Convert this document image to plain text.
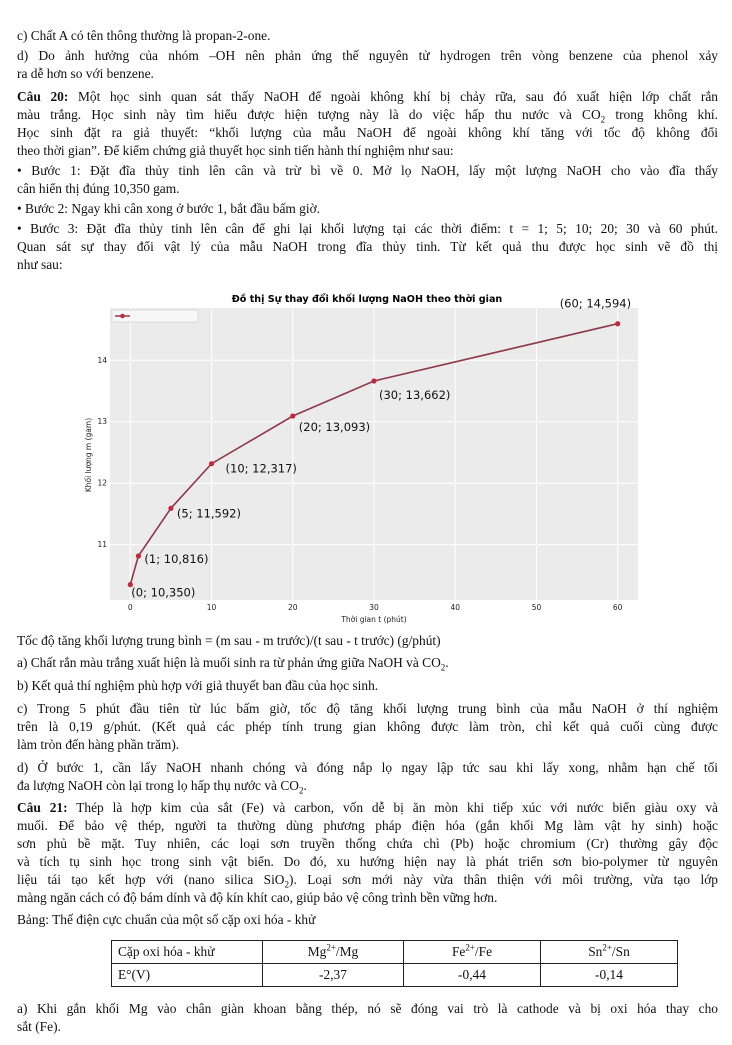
c) Chất A có tên thông thường là propan-2-one.
d) Do ảnh hưởng của nhóm –OH nên phản ứng thế nguyên tử hydrogen trên vòng benzene của phenol xảy
ra dễ hơn so với benzene.
Câu 20: Một học sinh quan sát thấy NaOH để ngoài không khí bị chảy rữa, sau đó xuất hiện lớp chất rắn
màu trắng. Học sinh này tìm hiểu được hiện tượng này là do việc hấp thu nước và $CO_2$ trong không khí.
Học sinh đặt ra giả thuyết: “khối lượng của mẫu NaOH để ngoài không khí tăng với tốc độ không đổi
theo thời gian”. Để kiểm chứng giả thuyết học sinh tiến hành thí nghiệm như sau:
• Bước 1: Đặt đĩa thủy tinh lên cân và trừ bì về 0. Mở lọ NaOH, lấy một lượng NaOH cho vào đĩa thấy
cân hiển thị đúng 10,350 gam.
• Bước 2: Ngay khi cân xong ở bước 1, bắt đầu bấm giờ.
• Bước 3: Đặt đĩa thủy tinh lên cân để ghi lại khối lượng tại các thời điểm: t = 1; 5; 10; 20; 30 và 60 phút.
Quan sát sự thay đổi vật lý của mẫu NaOH trong đĩa thủy tinh. Từ kết quả thu được học sinh vẽ đồ thị
như sau:
Đồ thị Sự thay đổi khối lượng NaOH theo thời gian
(0; 10,350)
(1; 10,816)
(5; 11,592)
(10; 12,317)
(20; 13,093)
(30; 13,662)
(60; 14,594)
0	10	20	30	40	50	60
11
12
13
14
Thời gian t (phút)
Khối lượng m (gam)
Tốc độ tăng khối lượng trung bình = (m sau - m trước)/(t sau - t trước) (g/phút)
a) Chất rắn màu trắng xuất hiện là muối sinh ra từ phản ứng giữa NaOH và $CO_2$.
b) Kết quả thí nghiệm phù hợp với giả thuyết ban đầu của học sinh.
c) Trong 5 phút đầu tiên từ lúc bấm giờ, tốc độ tăng khối lượng trung bình của mẫu NaOH ở thí nghiệm
trên là 0,19 g/phút. (Kết quả các phép tính trung gian không được làm tròn, chỉ kết quả cuối cùng được
làm tròn đến hàng phần trăm).
d) Ở bước 1, cần lấy NaOH nhanh chóng và đóng nắp lọ ngay lập tức sau khi lấy xong, nhằm hạn chế tối
đa lượng NaOH còn lại trong lọ hấp thụ nước và $CO_2$.
Câu 21: Thép là hợp kim của sắt (Fe) và carbon, vốn dễ bị ăn mòn khi tiếp xúc với nước biển giàu oxy và
muối. Để bảo vệ thép, người ta thường dùng phương pháp điện hóa (gắn khối Mg làm vật hy sinh) hoặc
sơn phủ bề mặt. Tuy nhiên, các loại sơn truyền thống chứa chì (Pb) hoặc chromium (Cr) thường gây độc
và tích tụ sinh học trong sinh vật biển. Do đó, xu hướng hiện nay là phát triển sơn bio-polymer từ nguyên
liệu tái tạo kết hợp với (nano silica SiO$_2$). Loại sơn mới này vừa thân thiện với môi trường, vừa tạo lớp
màng ngăn cách có độ bám dính và độ kín khít cao, giúp bảo vệ công trình bền vững hơn.
Bảng: Thế điện cực chuẩn của một số cặp oxi hóa - khử
Cặp oxi hóa - khử	$Mg^{2+}/Mg$	$Fe^{2+}/Fe$	$Sn^{2+}/Sn$
E°(V)	-2,37	-0,44	-0,14
a) Khi gắn khối Mg vào chân giàn khoan bằng thép, nó sẽ đóng vai trò là cathode và bị oxi hóa thay cho
sắt (Fe).
